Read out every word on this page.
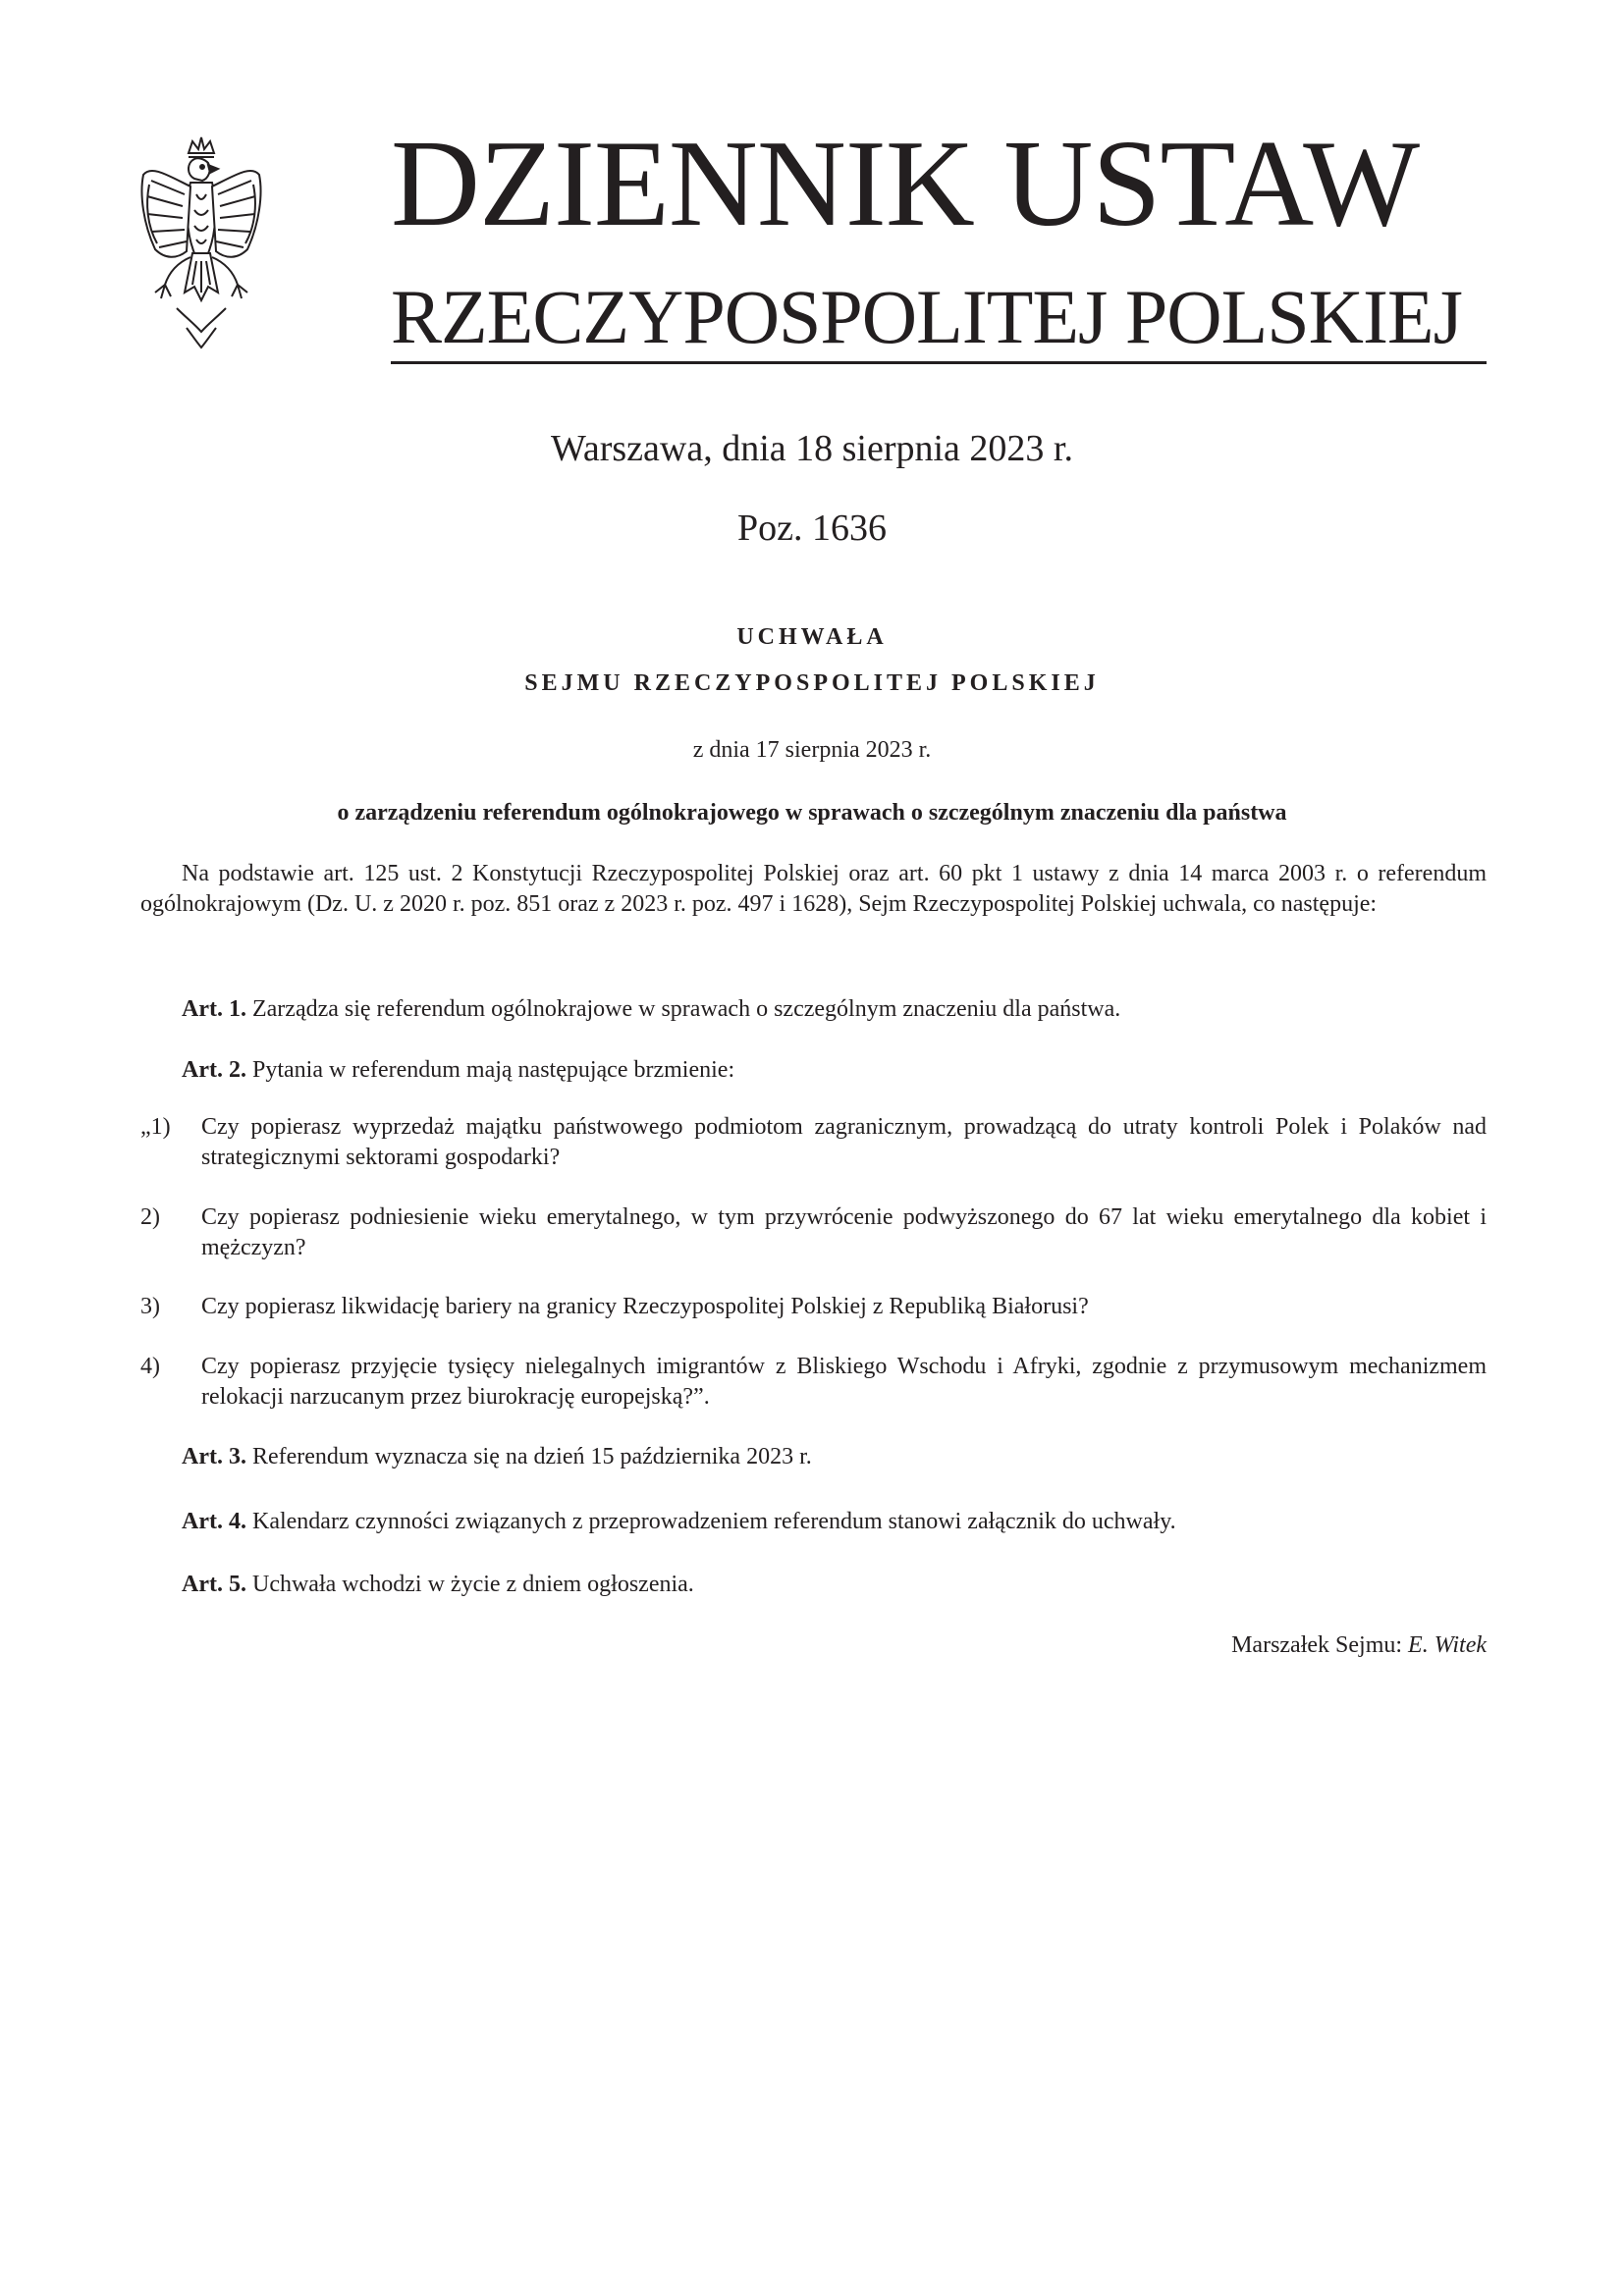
DZIENNIK USTAW
RZECZYPOSPOLITEJ POLSKIEJ
Warszawa, dnia 18 sierpnia 2023 r.
Poz. 1636
UCHWAŁA
SEJMU RZECZYPOSPOLITEJ POLSKIEJ
z dnia 17 sierpnia 2023 r.
o zarządzeniu referendum ogólnokrajowego w sprawach o szczególnym znaczeniu dla państwa
Na podstawie art. 125 ust. 2 Konstytucji Rzeczypospolitej Polskiej oraz art. 60 pkt 1 ustawy z dnia 14 marca 2003 r. o referendum ogólnokrajowym (Dz. U. z 2020 r. poz. 851 oraz z 2023 r. poz. 497 i 1628), Sejm Rzeczypospolitej Polskiej uchwala, co następuje:
Art. 1. Zarządza się referendum ogólnokrajowe w sprawach o szczególnym znaczeniu dla państwa.
Art. 2. Pytania w referendum mają następujące brzmienie:
„1) Czy popierasz wyprzedaż majątku państwowego podmiotom zagranicznym, prowadzącą do utraty kontroli Polek i Polaków nad strategicznymi sektorami gospodarki?
2) Czy popierasz podniesienie wieku emerytalnego, w tym przywrócenie podwyższonego do 67 lat wieku emerytalnego dla kobiet i mężczyzn?
3) Czy popierasz likwidację bariery na granicy Rzeczypospolitej Polskiej z Republiką Białorusi?
4) Czy popierasz przyjęcie tysięcy nielegalnych imigrantów z Bliskiego Wschodu i Afryki, zgodnie z przymusowym mechanizmem relokacji narzucanym przez biurokrację europejską?”.
Art. 3. Referendum wyznacza się na dzień 15 października 2023 r.
Art. 4. Kalendarz czynności związanych z przeprowadzeniem referendum stanowi załącznik do uchwały.
Art. 5. Uchwała wchodzi w życie z dniem ogłoszenia.
Marszałek Sejmu: E. Witek
